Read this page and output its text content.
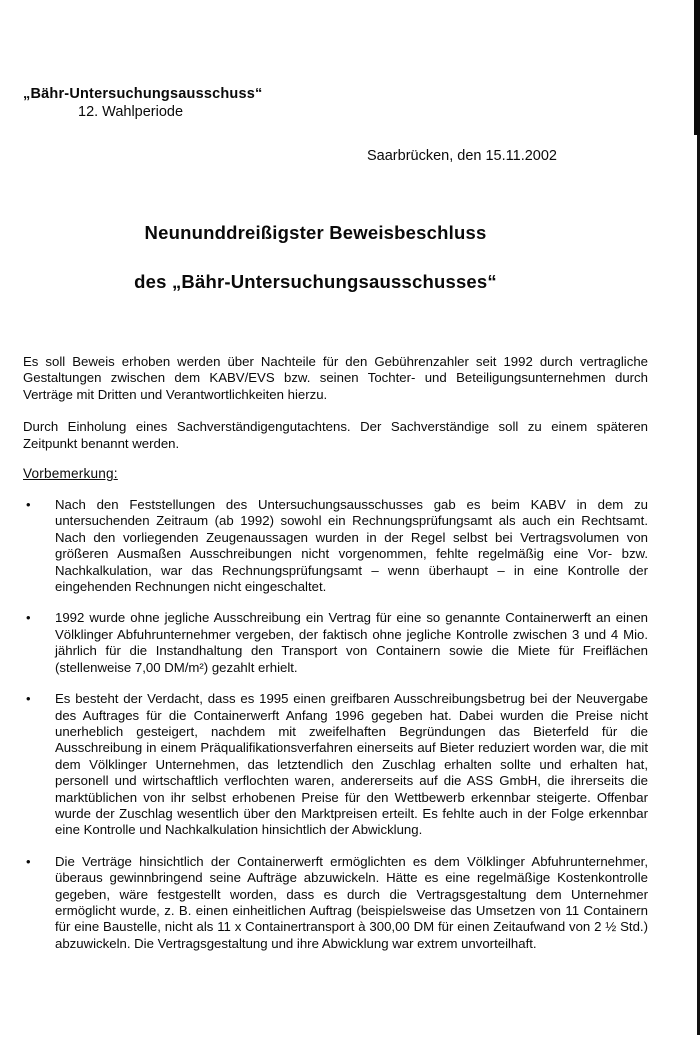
„Bähr-Untersuchungsausschuss“
12. Wahlperiode
Saarbrücken, den 15.11.2002
Neununddreißigster Beweisbeschluss
des „Bähr-Untersuchungsausschusses“

Es soll Beweis erhoben werden über Nachteile für den Gebührenzahler seit 1992 durch vertragliche Gestaltungen zwischen dem KABV/EVS bzw. seinen Tochter- und Beteiligungsunternehmen durch Verträge mit Dritten und Verantwortlichkeiten hierzu.

Durch Einholung eines Sachverständigengutachtens. Der Sachverständige soll zu einem späteren Zeitpunkt benannt werden.

Vorbemerkung:
• Nach den Feststellungen des Untersuchungsausschusses gab es beim KABV in dem zu untersuchenden Zeitraum (ab 1992) sowohl ein Rechnungsprüfungsamt als auch ein Rechtsamt. Nach den vorliegenden Zeugenaussagen wurden in der Regel selbst bei Vertragsvolumen von größeren Ausmaßen Ausschreibungen nicht vorgenommen, fehlte regelmäßig eine Vor- bzw. Nachkalkulation, war das Rechnungsprüfungsamt – wenn überhaupt – in eine Kontrolle der eingehenden Rechnungen nicht eingeschaltet.
• 1992 wurde ohne jegliche Ausschreibung ein Vertrag für eine so genannte Containerwerft an einen Völklinger Abfuhrunternehmer vergeben, der faktisch ohne jegliche Kontrolle zwischen 3 und 4 Mio. jährlich für die Instandhaltung den Transport von Containern sowie die Miete für Freiflächen (stellenweise 7,00 DM/m²) gezahlt erhielt.
• Es besteht der Verdacht, dass es 1995 einen greifbaren Ausschreibungsbetrug bei der Neuvergabe des Auftrages für die Containerwerft Anfang 1996 gegeben hat. Dabei wurden die Preise nicht unerheblich gesteigert, nachdem mit zweifelhaften Begründungen das Bieterfeld für die Ausschreibung in einem Präqualifikationsverfahren einerseits auf Bieter reduziert worden war, die mit dem Völklinger Unternehmen, das letztendlich den Zuschlag erhalten sollte und erhalten hat, personell und wirtschaftlich verflochten waren, andererseits auf die ASS GmbH, die ihrerseits die marktüblichen von ihr selbst erhobenen Preise für den Wettbewerb erkennbar steigerte. Offenbar wurde der Zuschlag wesentlich über den Marktpreisen erteilt. Es fehlte auch in der Folge erkennbar eine Kontrolle und Nachkalkulation hinsichtlich der Abwicklung.
• Die Verträge hinsichtlich der Containerwerft ermöglichten es dem Völklinger Abfuhrunternehmer, überaus gewinnbringend seine Aufträge abzuwickeln. Hätte es eine regelmäßige Kostenkontrolle gegeben, wäre festgestellt worden, dass es durch die Vertragsgestaltung dem Unternehmer ermöglicht wurde, z. B. einen einheitlichen Auftrag (beispielsweise das Umsetzen von 11 Containern für eine Baustelle, nicht als 11 x Containertransport à 300,00 DM für einen Zeitaufwand von 2 ½ Std.) abzuwickeln. Die Vertragsgestaltung und ihre Abwicklung war extrem unvorteilhaft.
